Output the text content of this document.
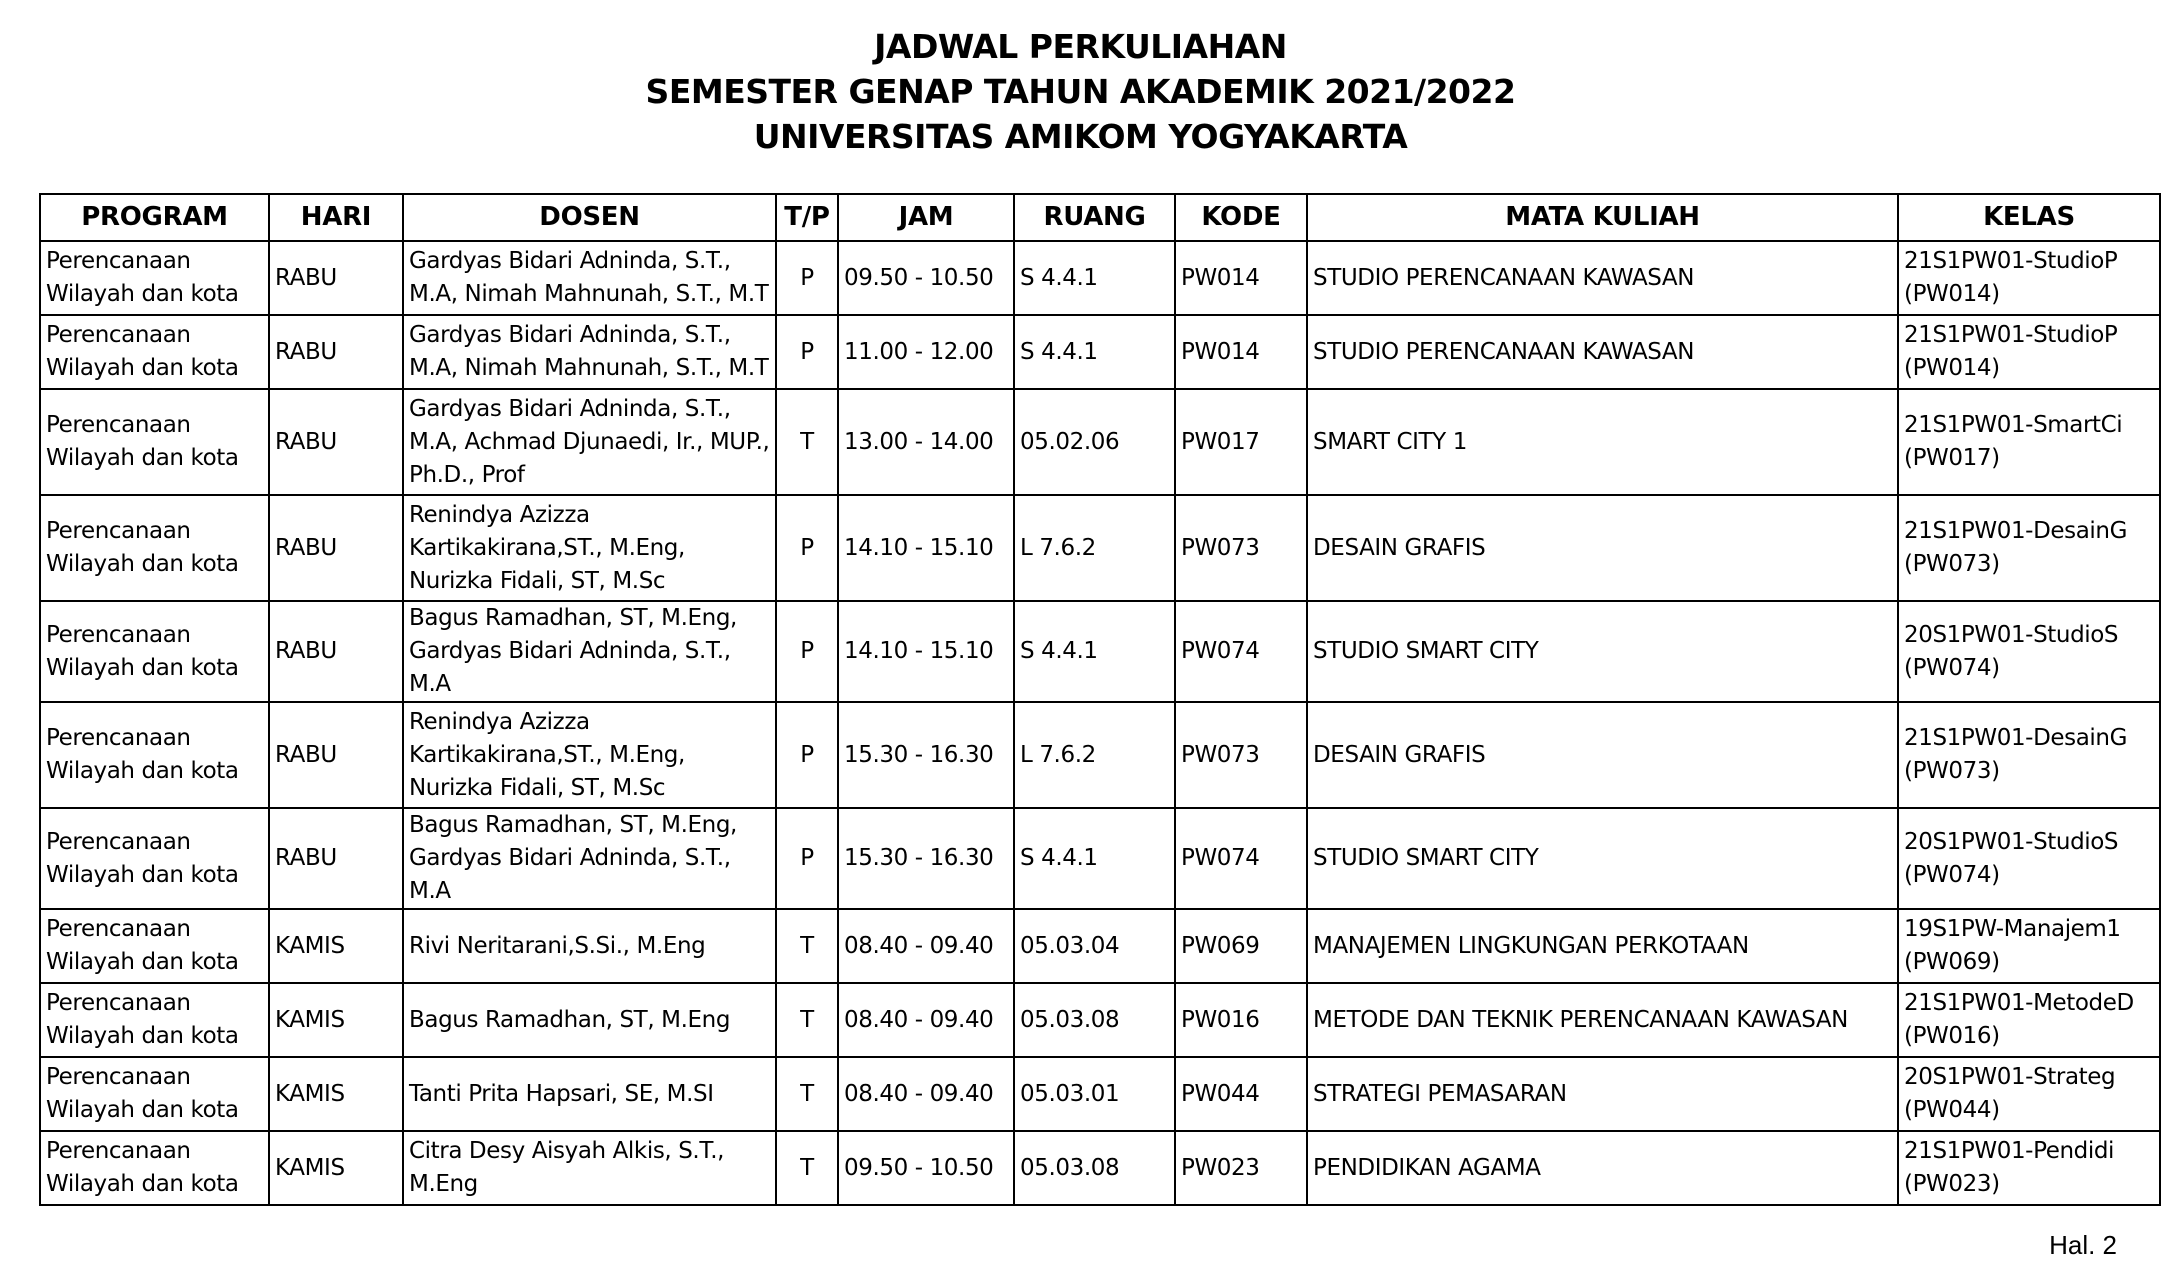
JADWAL PERKULIAHAN
SEMESTER GENAP TAHUN AKADEMIK 2021/2022
UNIVERSITAS AMIKOM YOGYAKARTA
PROGRAM	HARI	DOSEN	T/P	JAM	RUANG	KODE	MATA KULIAH	KELAS
Perencanaan Wilayah dan kota	RABU	Gardyas Bidari Adninda, S.T., M.A, Nimah Mahnunah, S.T., M.T	P	09.50 - 10.50	S 4.4.1	PW014	STUDIO PERENCANAAN KAWASAN	21S1PW01-StudioP (PW014)
Perencanaan Wilayah dan kota	RABU	Gardyas Bidari Adninda, S.T., M.A, Nimah Mahnunah, S.T., M.T	P	11.00 - 12.00	S 4.4.1	PW014	STUDIO PERENCANAAN KAWASAN	21S1PW01-StudioP (PW014)
Perencanaan Wilayah dan kota	RABU	Gardyas Bidari Adninda, S.T., M.A, Achmad Djunaedi, Ir., MUP., Ph.D., Prof	T	13.00 - 14.00	05.02.06	PW017	SMART CITY 1	21S1PW01-SmartCi (PW017)
Perencanaan Wilayah dan kota	RABU	Renindya Azizza Kartikakirana,ST., M.Eng, Nurizka Fidali, ST, M.Sc	P	14.10 - 15.10	L 7.6.2	PW073	DESAIN GRAFIS	21S1PW01-DesainG (PW073)
Perencanaan Wilayah dan kota	RABU	Bagus Ramadhan, ST, M.Eng, Gardyas Bidari Adninda, S.T., M.A	P	14.10 - 15.10	S 4.4.1	PW074	STUDIO SMART CITY	20S1PW01-StudioS (PW074)
Perencanaan Wilayah dan kota	RABU	Renindya Azizza Kartikakirana,ST., M.Eng, Nurizka Fidali, ST, M.Sc	P	15.30 - 16.30	L 7.6.2	PW073	DESAIN GRAFIS	21S1PW01-DesainG (PW073)
Perencanaan Wilayah dan kota	RABU	Bagus Ramadhan, ST, M.Eng, Gardyas Bidari Adninda, S.T., M.A	P	15.30 - 16.30	S 4.4.1	PW074	STUDIO SMART CITY	20S1PW01-StudioS (PW074)
Perencanaan Wilayah dan kota	KAMIS	Rivi Neritarani,S.Si., M.Eng	T	08.40 - 09.40	05.03.04	PW069	MANAJEMEN LINGKUNGAN PERKOTAAN	19S1PW-Manajem1 (PW069)
Perencanaan Wilayah dan kota	KAMIS	Bagus Ramadhan, ST, M.Eng	T	08.40 - 09.40	05.03.08	PW016	METODE DAN TEKNIK PERENCANAAN KAWASAN	21S1PW01-MetodeD (PW016)
Perencanaan Wilayah dan kota	KAMIS	Tanti Prita Hapsari, SE, M.SI	T	08.40 - 09.40	05.03.01	PW044	STRATEGI PEMASARAN	20S1PW01-Strateg (PW044)
Perencanaan Wilayah dan kota	KAMIS	Citra Desy Aisyah Alkis, S.T., M.Eng	T	09.50 - 10.50	05.03.08	PW023	PENDIDIKAN AGAMA	21S1PW01-Pendidi (PW023)
Hal. 2
